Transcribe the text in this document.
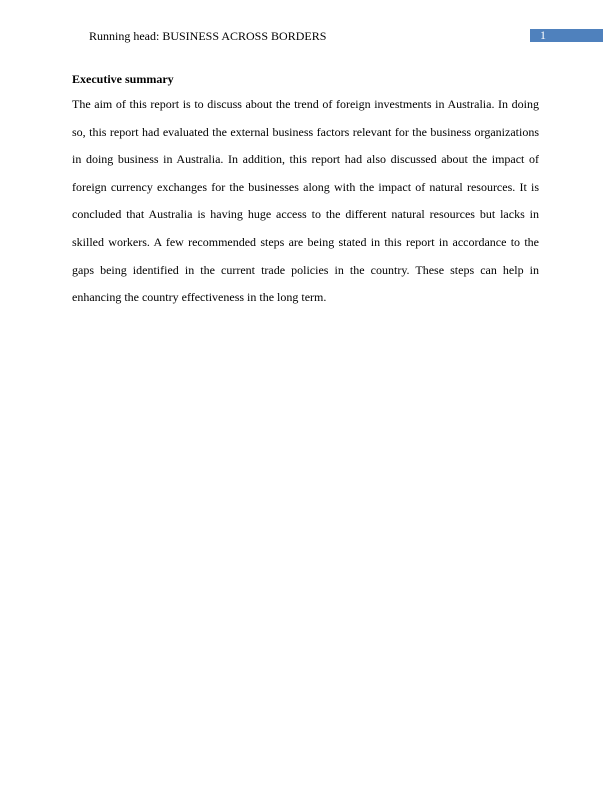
Running head: BUSINESS ACROSS BORDERS	1
Executive summary
The aim of this report is to discuss about the trend of foreign investments in Australia. In doing
so, this report had evaluated the external business factors relevant for the business organizations
in doing business in Australia. In addition, this report had also discussed about the impact of
foreign currency exchanges for the businesses along with the impact of natural resources. It is
concluded that Australia is having huge access to the different natural resources but lacks in
skilled workers. A few recommended steps are being stated in this report in accordance to the
gaps being identified in the current trade policies in the country. These steps can help in
enhancing the country effectiveness in the long term.
